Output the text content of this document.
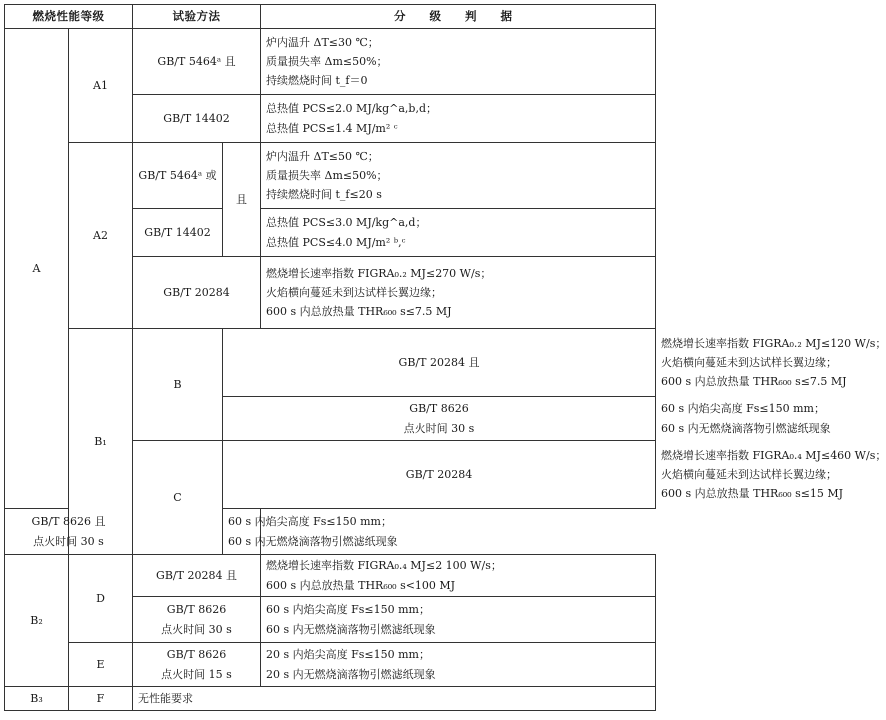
燃烧性能等级		试验方法		分 级 判 据	
A	A1	GB/T 5464ᵃ 且		炉内温升 ΔT≤30 ℃；
质量损失率 Δm≤50%；
持续燃烧时间 t_f＝0	

		GB/T 14402		总热值 PCS≤2.0 MJ/kg^a,b,d；
总热值 PCS≤1.4 MJ/m² ᶜ	

	A2	GB/T 5464ᵃ 或	且	炉内温升 ΔT≤50 ℃；
质量损失率 Δm≤50%；
持续燃烧时间 t_f≤20 s	

		GB/T 14402		总热值 PCS≤3.0 MJ/kg^a,d；
总热值 PCS≤4.0 MJ/m² ᵇ,ᶜ	

		GB/T 20284		燃烧增长速率指数 FIGRA₀.₂ MJ≤270 W/s；
火焰横向蔓延未到达试样长翼边缘；
600 s 内总放热量 THR₆₀₀ s≤7.5 MJ	

	B₁	B	GB/T 20284 且		燃烧增长速率指数 FIGRA₀.₂ MJ≤120 W/s；
火焰横向蔓延未到达试样长翼边缘；
600 s 内总放热量 THR₆₀₀ s≤7.5 MJ

			GB/T 8626
点火时间 30 s		60 s 内焰尖高度 Fs≤150 mm；
60 s 内无燃烧滴落物引燃滤纸现象

		C	GB/T 20284		燃烧增长速率指数 FIGRA₀.₄ MJ≤460 W/s；
火焰横向蔓延未到达试样长翼边缘；
600 s 内总放热量 THR₆₀₀ s≤15 MJ

GB/T 8626 且
点火时间 30 s			60 s 内焰尖高度 Fs≤150 mm；
60 s 内无燃烧滴落物引燃滤纸现象		

B₂	D	GB/T 20284 且		燃烧增长速率指数 FIGRA₀.₄ MJ≤2 100 W/s；
600 s 内总放热量 THR₆₀₀ s<100 MJ	

		GB/T 8626
点火时间 30 s		60 s 内焰尖高度 Fs≤150 mm；
60 s 内无燃烧滴落物引燃滤纸现象	

	E	GB/T 8626
点火时间 15 s		20 s 内焰尖高度 Fs≤150 mm；
20 s 内无燃烧滴落物引燃滤纸现象	

B₃	F	无性能要求			
